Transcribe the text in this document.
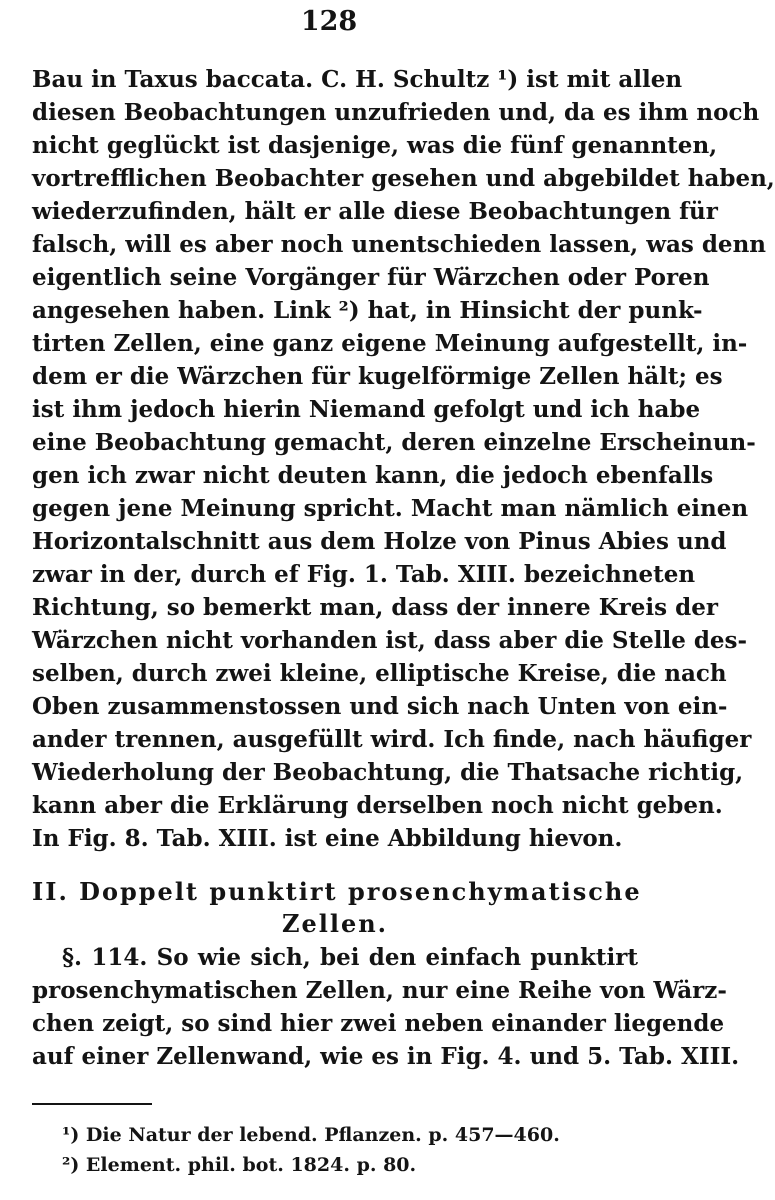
128
Bau in Taxus baccata. C. H. Schultz ¹) ist mit allen
diesen Beobachtungen unzufrieden und, da es ihm noch
nicht geglückt ist dasjenige, was die fünf genannten,
vortrefflichen Beobachter gesehen und abgebildet haben,
wiederzufinden, hält er alle diese Beobachtungen für
falsch, will es aber noch unentschieden lassen, was denn
eigentlich seine Vorgänger für Wärzchen oder Poren
angesehen haben. Link ²) hat, in Hinsicht der punk-
tirten Zellen, eine ganz eigene Meinung aufgestellt, in-
dem er die Wärzchen für kugelförmige Zellen hält; es
ist ihm jedoch hierin Niemand gefolgt und ich habe
eine Beobachtung gemacht, deren einzelne Erscheinun-
gen ich zwar nicht deuten kann, die jedoch ebenfalls
gegen jene Meinung spricht. Macht man nämlich einen
Horizontalschnitt aus dem Holze von Pinus Abies und
zwar in der, durch ef Fig. 1. Tab. XIII. bezeichneten
Richtung, so bemerkt man, dass der innere Kreis der
Wärzchen nicht vorhanden ist, dass aber die Stelle des-
selben, durch zwei kleine, elliptische Kreise, die nach
Oben zusammenstossen und sich nach Unten von ein-
ander trennen, ausgefüllt wird. Ich finde, nach häufiger
Wiederholung der Beobachtung, die Thatsache richtig,
kann aber die Erklärung derselben noch nicht geben.
In Fig. 8. Tab. XIII. ist eine Abbildung hievon.
II. Doppelt punktirt prosenchymatische
Zellen.
§. 114. So wie sich, bei den einfach punktirt
prosenchymatischen Zellen, nur eine Reihe von Wärz-
chen zeigt, so sind hier zwei neben einander liegende
auf einer Zellenwand, wie es in Fig. 4. und 5. Tab. XIII.
¹) Die Natur der lebend. Pflanzen. p. 457—460.
²) Element. phil. bot. 1824. p. 80.
